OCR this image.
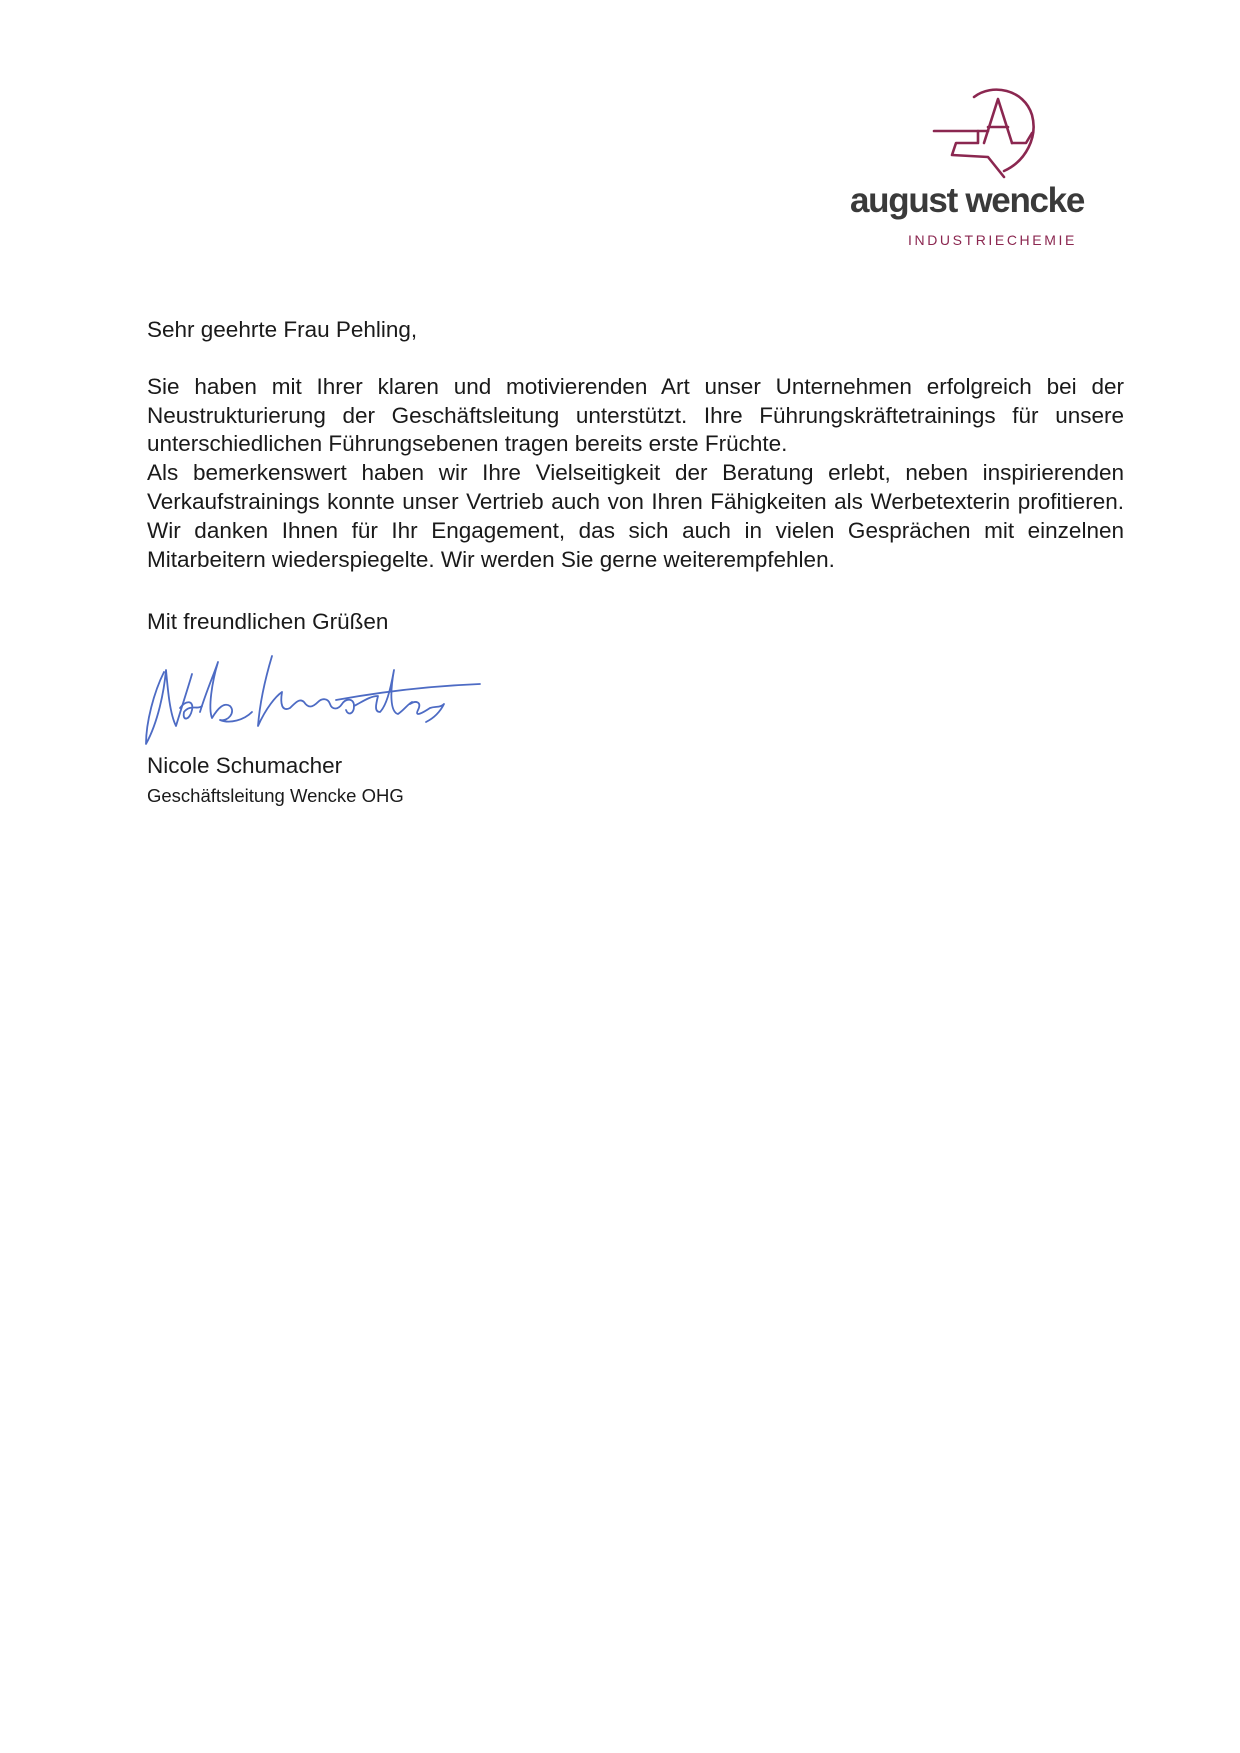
august wencke
INDUSTRIECHEMIE

Sehr geehrte Frau Pehling,

Sie haben mit Ihrer klaren und motivierenden Art unser Unternehmen erfolgreich bei der Neustrukturierung der Geschäftsleitung unterstützt. Ihre Führungskräftetrainings für unsere unterschiedlichen Führungsebenen tragen bereits erste Früchte.

Als bemerkenswert haben wir Ihre Vielseitigkeit der Beratung erlebt, neben inspirierenden Verkaufstrainings konnte unser Vertrieb auch von Ihren Fähigkeiten als Werbetexterin profitieren. Wir danken Ihnen für Ihr Engagement, das sich auch in vielen Gesprächen mit einzelnen Mitarbeitern wiederspiegelte. Wir werden Sie gerne weiterempfehlen.

Mit freundlichen Grüßen

Nicole Schumacher

Geschäftsleitung Wencke OHG
